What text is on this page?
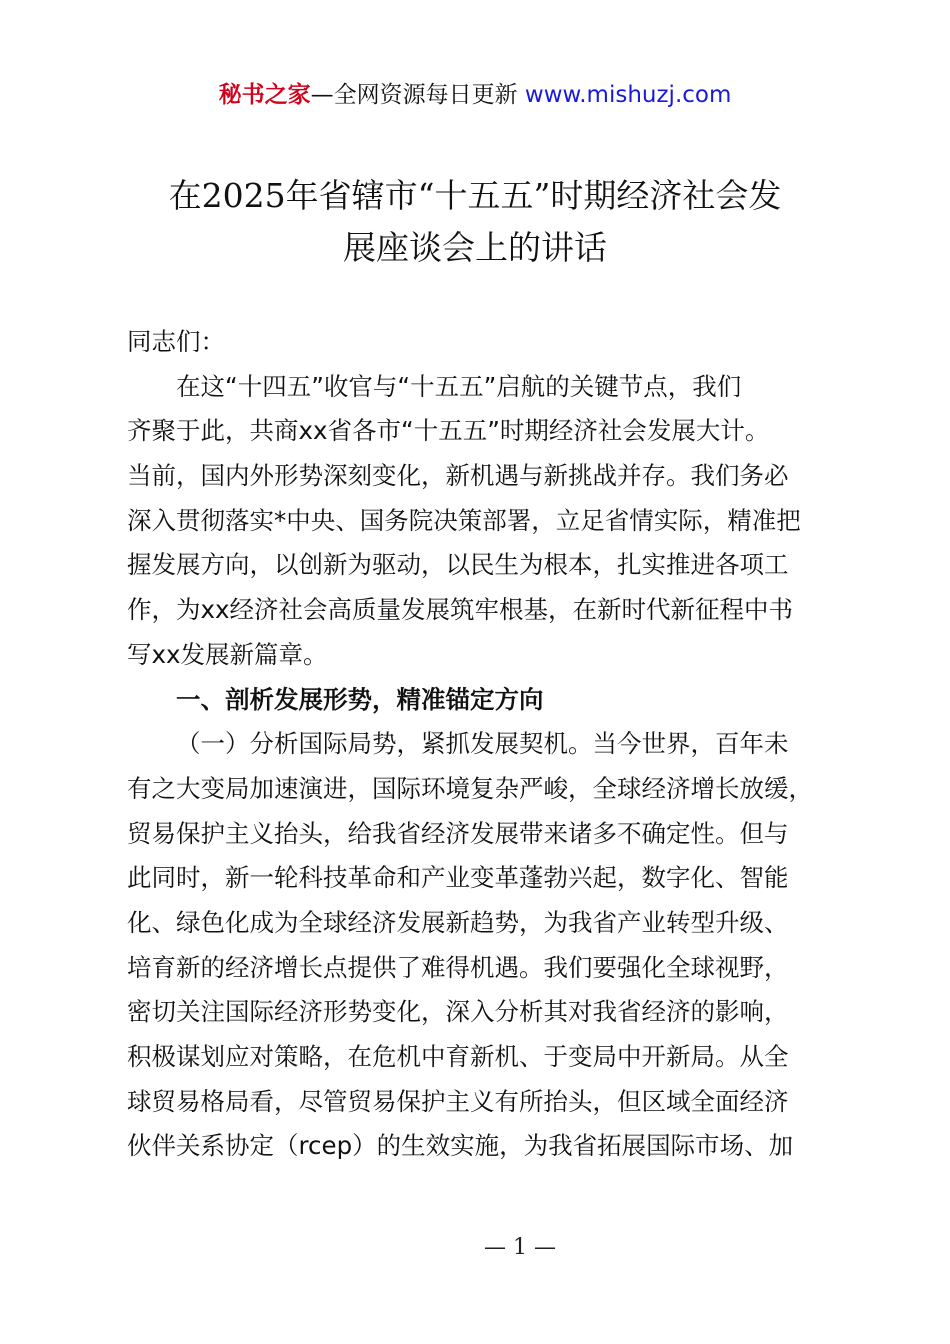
秘书之家—全网资源每日更新 www.mishuzj.com
在2025年省辖市“十五五”时期经济社会发
展座谈会上的讲话
同志们：
在这“十四五”收官与“十五五”启航的关键节点，我们
齐聚于此，共商xx省各市“十五五”时期经济社会发展大计。
当前，国内外形势深刻变化，新机遇与新挑战并存。我们务必
深入贯彻落实*中央、国务院决策部署，立足省情实际，精准把
握发展方向，以创新为驱动，以民生为根本，扎实推进各项工
作，为xx经济社会高质量发展筑牢根基，在新时代新征程中书
写xx发展新篇章。
一、剖析发展形势，精准锚定方向
（一）分析国际局势，紧抓发展契机。当今世界，百年未
有之大变局加速演进，国际环境复杂严峻，全球经济增长放缓，
贸易保护主义抬头，给我省经济发展带来诸多不确定性。但与
此同时，新一轮科技革命和产业变革蓬勃兴起，数字化、智能
化、绿色化成为全球经济发展新趋势，为我省产业转型升级、
培育新的经济增长点提供了难得机遇。我们要强化全球视野，
密切关注国际经济形势变化，深入分析其对我省经济的影响，
积极谋划应对策略，在危机中育新机、于变局中开新局。从全
球贸易格局看，尽管贸易保护主义有所抬头，但区域全面经济
伙伴关系协定（rcep）的生效实施，为我省拓展国际市场、加
— 1 —
